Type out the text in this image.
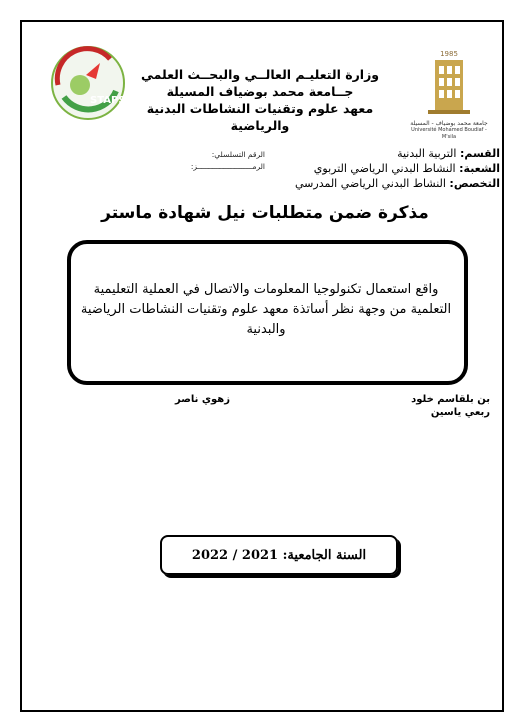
STAPS
1985
جامعة محمد بوضياف - المسيلة
Université Mohamed Boudiaf - M'sila
وزارة التعليـم العالــي والبحــث العلمي
جــامعة محمد بوضياف المسيلة
معهد علوم وتقنيات النشاطات البدنية والرياضية
القسم: التربية البدنية
الشعبة: النشاط البدني الرياضي التربوي
التخصص: النشاط البدني الرياضي المدرسي
الرقم التسلسلي:
الرمـــــــــــــــــــــــــز:
مذكرة ضمن متطلبات نيل شهادة ماستر
واقع استعمال تكنولوجيا المعلومات والاتصال في العملية التعليمية التعلمية من وجهة نظر أساتذة معهد علوم وتقنيات النشاطات الرياضية والبدنية
بن بلقاسم خلود
ربعي ياسين
زهوي ناصر
السنة الجامعية: 2021 / 2022
